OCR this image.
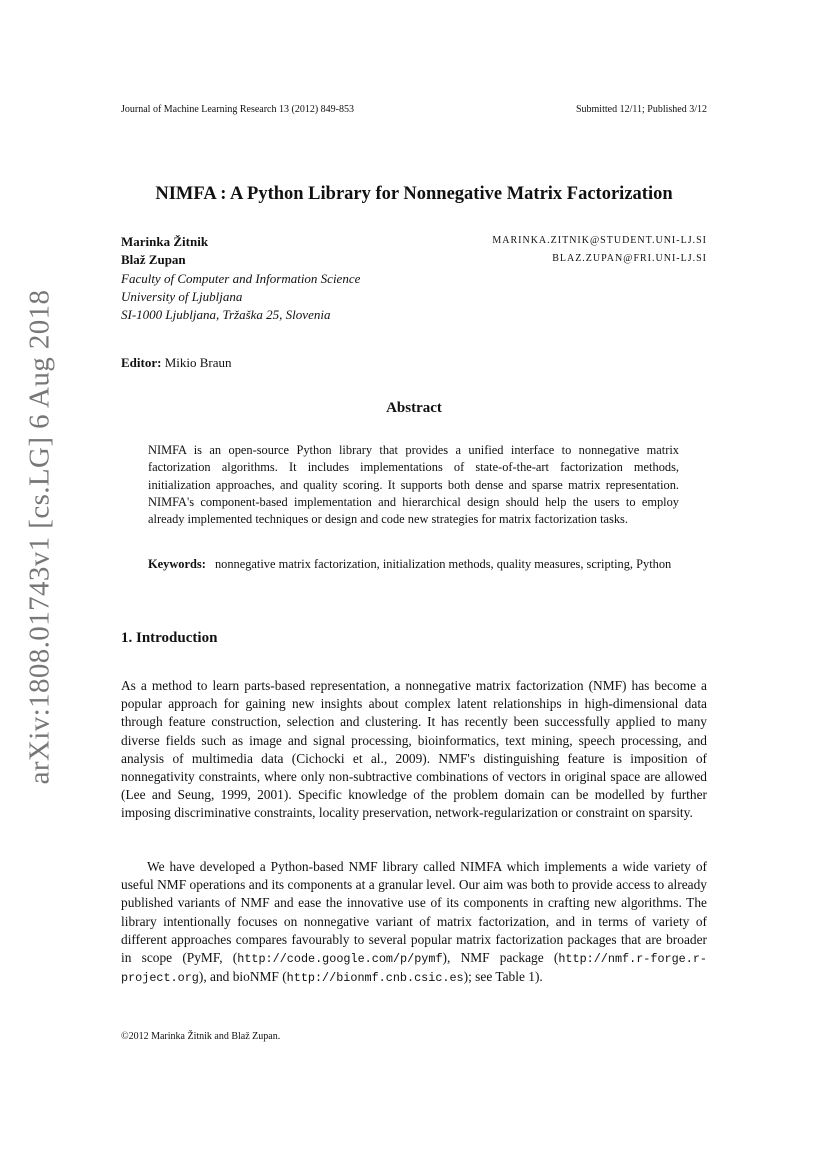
Journal of Machine Learning Research 13 (2012) 849-853	Submitted 12/11; Published 3/12
NIMFA : A Python Library for Nonnegative Matrix Factorization
Marinka Žitnik	MARINKA.ZITNIK@STUDENT.UNI-LJ.SI
Blaž Zupan	BLAZ.ZUPAN@FRI.UNI-LJ.SI
Faculty of Computer and Information Science
University of Ljubljana
SI-1000 Ljubljana, Tržaška 25, Slovenia
Editor: Mikio Braun
Abstract
NIMFA is an open-source Python library that provides a unified interface to nonnegative matrix factorization algorithms. It includes implementations of state-of-the-art factorization methods, initialization approaches, and quality scoring. It supports both dense and sparse matrix representation. NIMFA's component-based implementation and hierarchical design should help the users to employ already implemented techniques or design and code new strategies for matrix factorization tasks.
Keywords: nonnegative matrix factorization, initialization methods, quality measures, scripting, Python
1. Introduction
As a method to learn parts-based representation, a nonnegative matrix factorization (NMF) has become a popular approach for gaining new insights about complex latent relationships in high-dimensional data through feature construction, selection and clustering. It has recently been successfully applied to many diverse fields such as image and signal processing, bioinformatics, text mining, speech processing, and analysis of multimedia data (Cichocki et al., 2009). NMF's distinguishing feature is imposition of nonnegativity constraints, where only non-subtractive combinations of vectors in original space are allowed (Lee and Seung, 1999, 2001). Specific knowledge of the problem domain can be modelled by further imposing discriminative constraints, locality preservation, network-regularization or constraint on sparsity.
We have developed a Python-based NMF library called NIMFA which implements a wide variety of useful NMF operations and its components at a granular level. Our aim was both to provide access to already published variants of NMF and ease the innovative use of its components in crafting new algorithms. The library intentionally focuses on nonnegative variant of matrix factorization, and in terms of variety of different approaches compares favourably to several popular matrix factorization packages that are broader in scope (PyMF, (http://code.google.com/p/pymf), NMF package (http://nmf.r-forge.r-project.org), and bioNMF (http://bionmf.cnb.csic.es); see Table 1).
©2012 Marinka Žitnik and Blaž Zupan.
arXiv:1808.01743v1 [cs.LG] 6 Aug 2018
